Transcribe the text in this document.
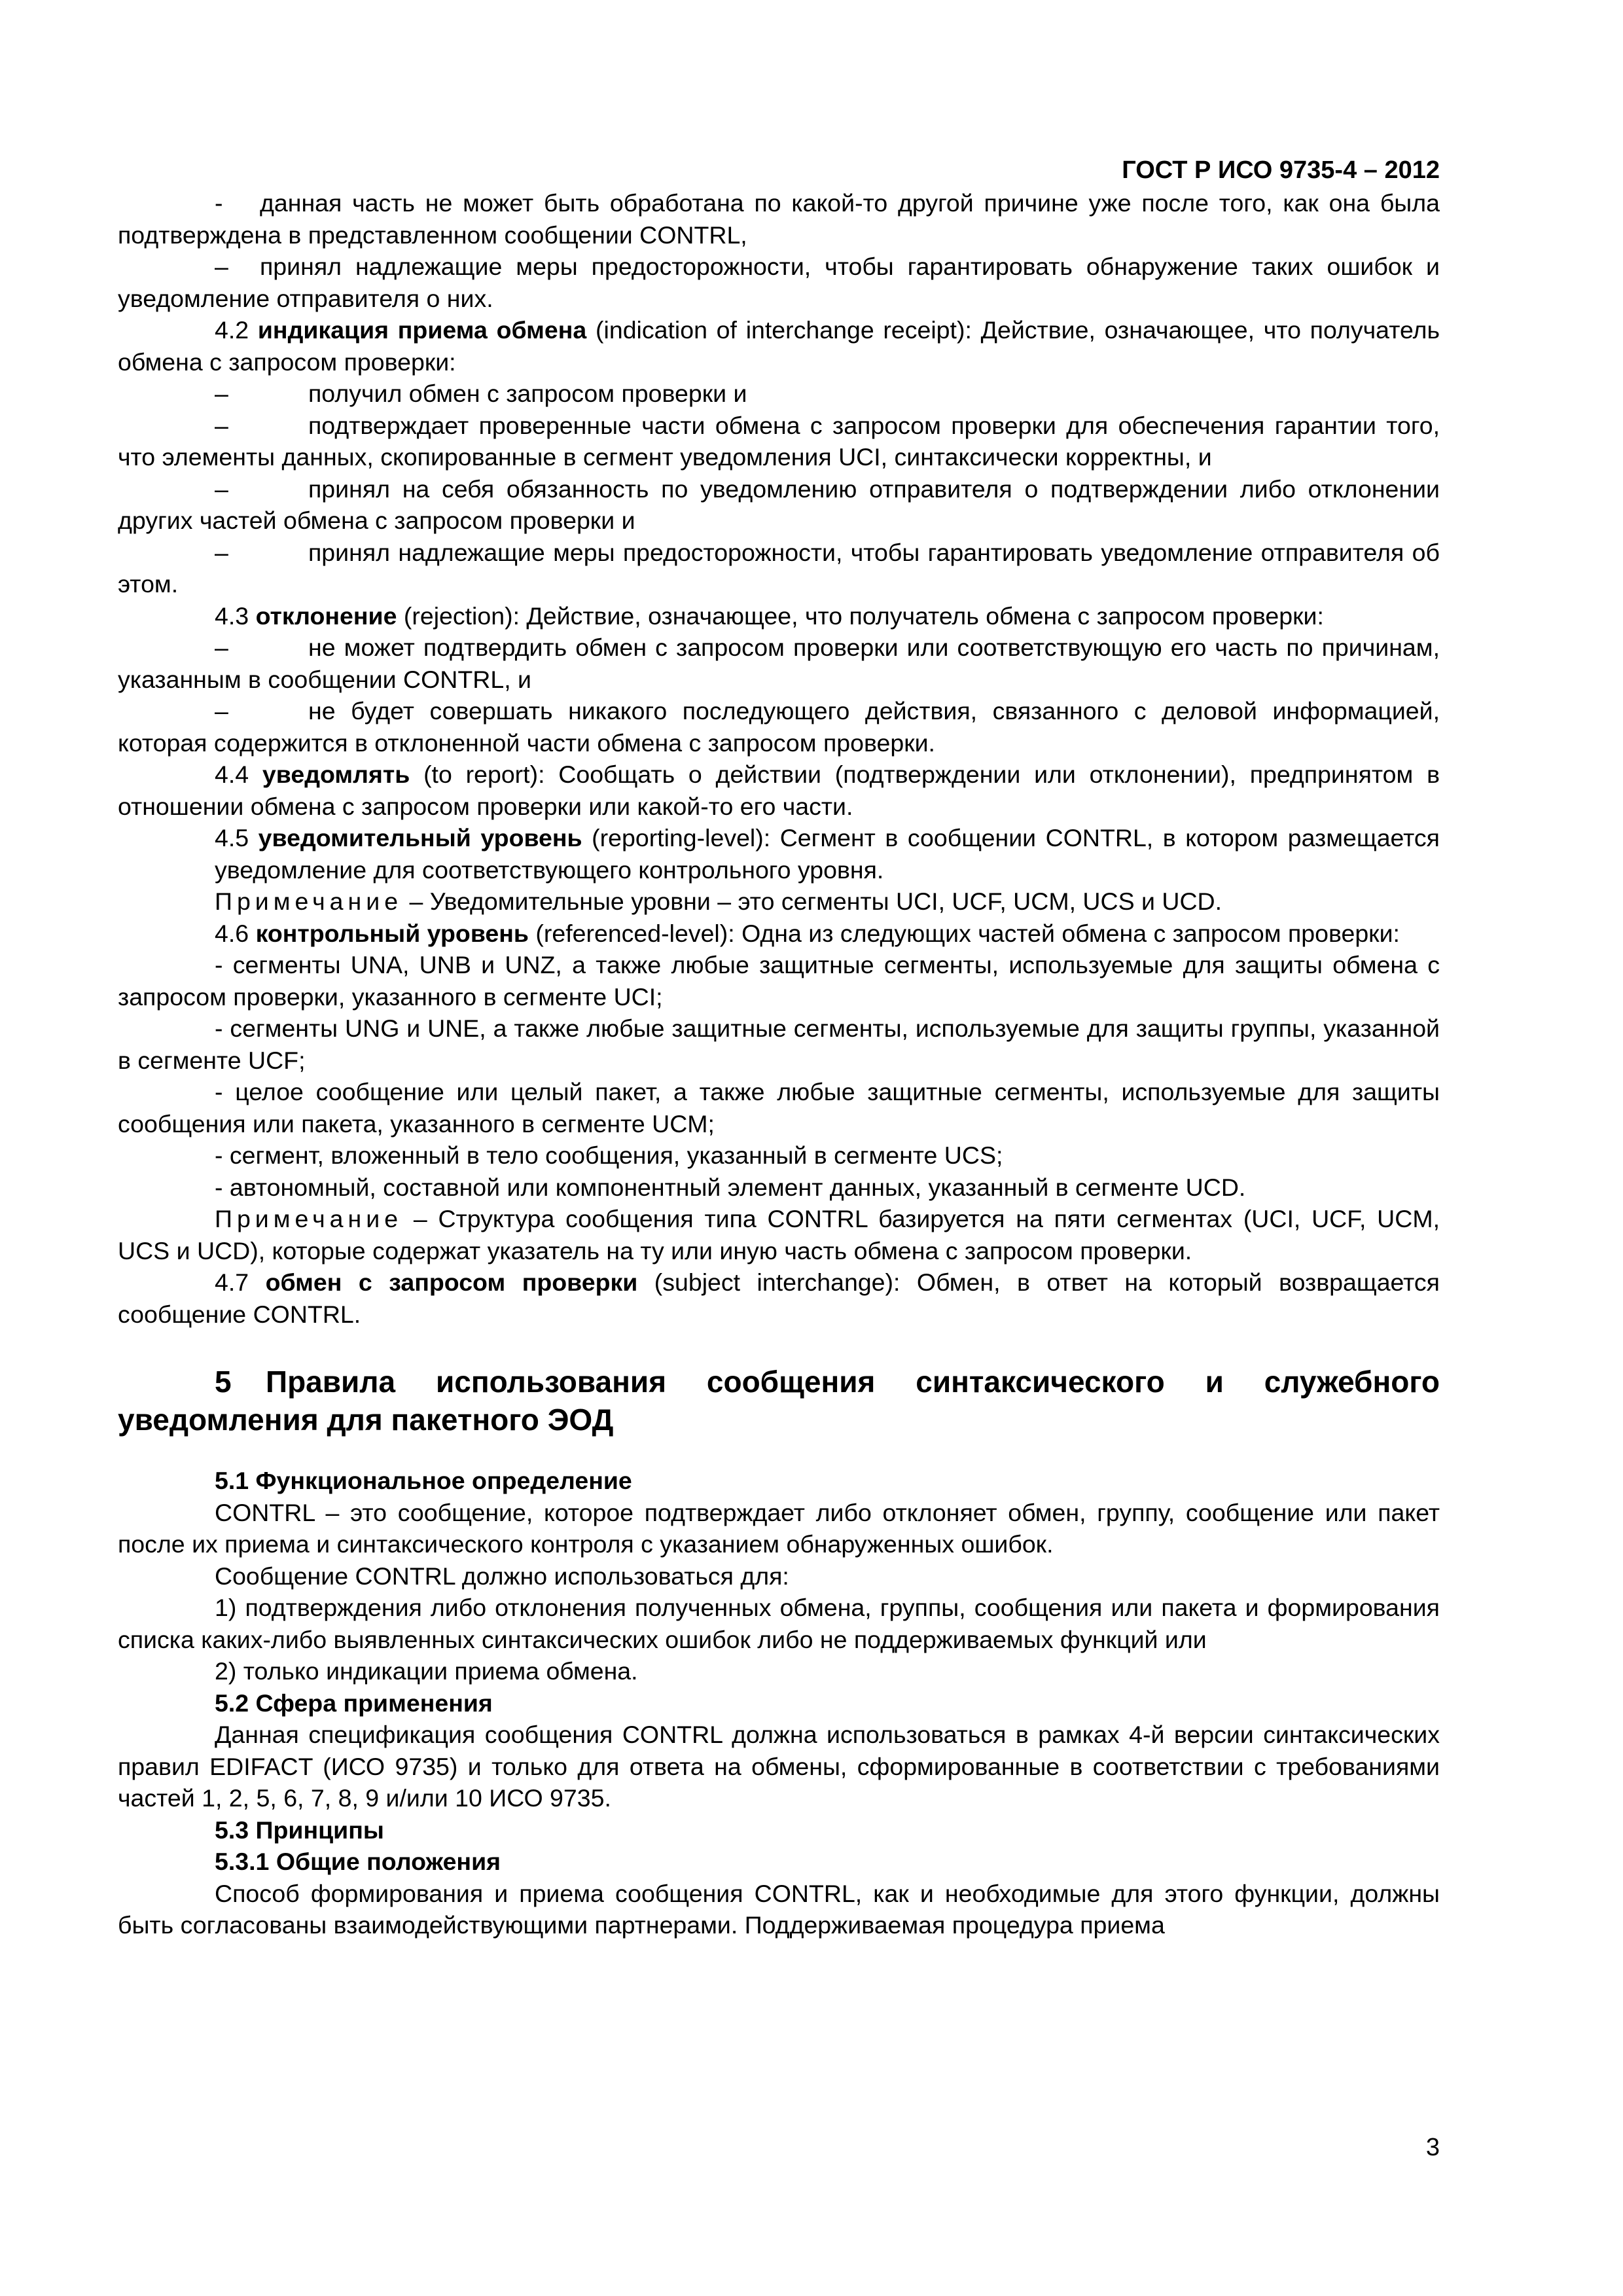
ГОСТ Р ИСО 9735-4 – 2012

- данная часть не может быть обработана по какой-то другой причине уже после того, как она была подтверждена в представленном сообщении CONTRL,

– принял надлежащие меры предосторожности, чтобы гарантировать обнаружение таких ошибок и уведомление отправителя о них.

4.2 индикация приема обмена (indication of interchange receipt): Действие, означающее, что получатель обмена с запросом проверки:

–	получил обмен с запросом проверки и

–	подтверждает проверенные части обмена с запросом проверки для обеспечения гарантии того, что элементы данных, скопированные в сегмент уведомления UCI, синтаксически корректны, и

–	принял на себя обязанность по уведомлению отправителя о подтверждении либо отклонении других частей обмена с запросом проверки и

–	принял надлежащие меры предосторожности, чтобы гарантировать уведомление отправителя об этом.

4.3 отклонение (rejection): Действие, означающее, что получатель обмена с запросом проверки:

–	не может подтвердить обмен с запросом проверки или соответствующую его часть по причинам, указанным в сообщении CONTRL, и

–	не будет совершать никакого последующего действия, связанного с деловой информацией, которая содержится в отклоненной части обмена с запросом проверки.

4.4 уведомлять (to report): Сообщать о действии (подтверждении или отклонении), предпринятом в отношении обмена с запросом проверки или какой-то его части.

4.5 уведомительный уровень (reporting-level): Сегмент в сообщении CONTRL, в котором размещается уведомление для соответствующего контрольного уровня.

Примечание – Уведомительные уровни – это сегменты UCI, UCF, UCM, UCS и UCD.

4.6 контрольный уровень (referenced-level): Одна из следующих частей обмена с запросом проверки:

- сегменты UNA, UNB и UNZ, а также любые защитные сегменты, используемые для защиты обмена с запросом проверки, указанного в сегменте UCI;

- сегменты UNG и UNE, а также любые защитные сегменты, используемые для защиты группы, указанной в сегменте UCF;

- целое сообщение или целый пакет, а также любые защитные сегменты, используемые для защиты сообщения или пакета, указанного в сегменте UCM;

- сегмент, вложенный в тело сообщения, указанный в сегменте UCS;

- автономный, составной или компонентный элемент данных, указанный в сегменте UCD.

Примечание – Структура сообщения типа CONTRL базируется на пяти сегментах (UCI, UCF, UCM, UCS и UCD), которые содержат указатель на ту или иную часть обмена с запросом проверки.

4.7 обмен с запросом проверки (subject interchange): Обмен, в ответ на который возвращается сообщение CONTRL.

5 Правила использования сообщения синтаксического и служебного уведомления для пакетного ЭОД

5.1 Функциональное определение

CONTRL – это сообщение, которое подтверждает либо отклоняет обмен, группу, сообщение или пакет после их приема и синтаксического контроля с указанием обнаруженных ошибок.

Сообщение CONTRL должно использоваться для:

1) подтверждения либо отклонения полученных обмена, группы, сообщения или пакета и формирования списка каких-либо выявленных синтаксических ошибок либо не поддерживаемых функций или

2) только индикации приема обмена.

5.2 Сфера применения

Данная спецификация сообщения CONTRL должна использоваться в рамках 4-й версии синтаксических правил EDIFACT (ИСО 9735) и только для ответа на обмены, сформированные в соответствии с требованиями частей 1, 2, 5, 6, 7, 8, 9 и/или 10 ИСО 9735.

5.3 Принципы

5.3.1 Общие положения

Способ формирования и приема сообщения CONTRL, как и необходимые для этого функции, должны быть согласованы взаимодействующими партнерами. Поддерживаемая процедура приема

3
